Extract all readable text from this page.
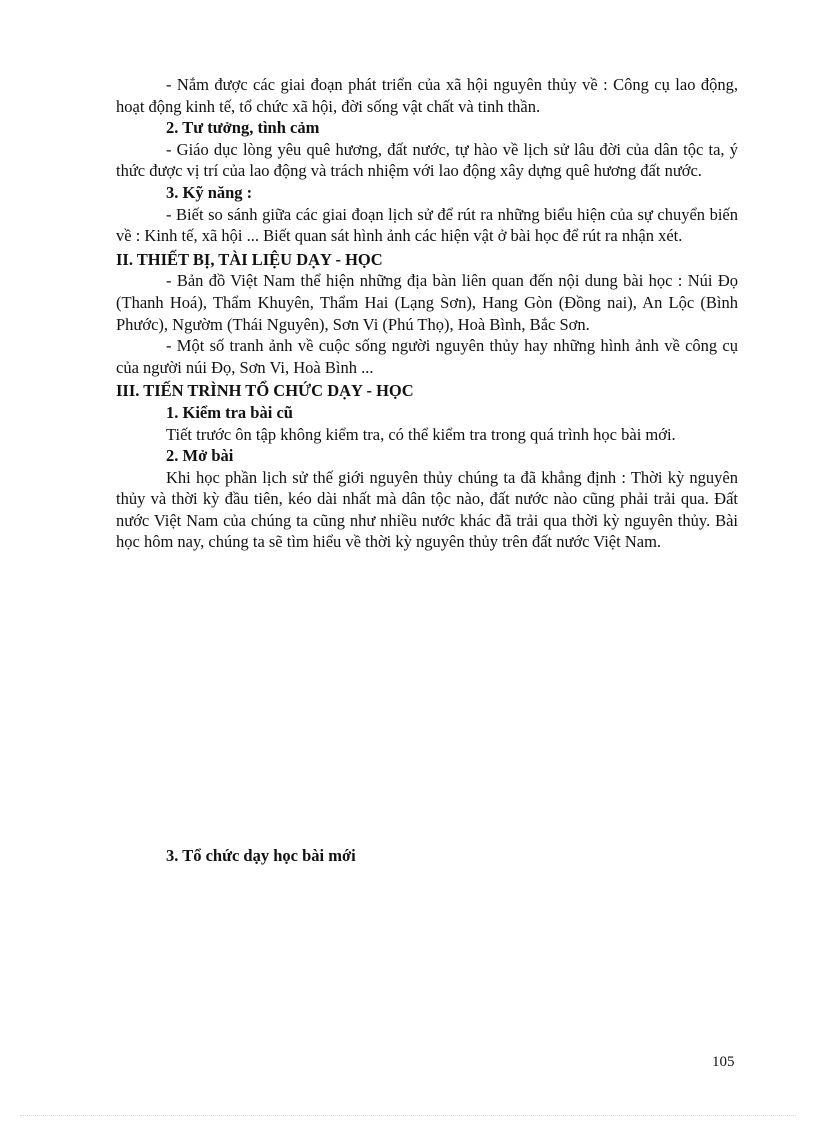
- Nắm được các giai đoạn phát triển của xã hội nguyên thủy về : Công cụ lao động, hoạt động kinh tế, tổ chức xã hội, đời sống vật chất và tinh thần.

2. Tư tưởng, tình cảm

- Giáo dục lòng yêu quê hương, đất nước, tự hào về lịch sử lâu đời của dân tộc ta, ý thức được vị trí của lao động và trách nhiệm với lao động xây dựng quê hương đất nước.

3. Kỹ năng :

- Biết so sánh giữa các giai đoạn lịch sử để rút ra những biểu hiện của sự chuyển biến về : Kinh tế, xã hội ... Biết quan sát hình ảnh các hiện vật ở bài học để rút ra nhận xét.

II. THIẾT BỊ, TÀI LIỆU DẠY - HỌC

- Bản đồ Việt Nam thể hiện những địa bàn liên quan đến nội dung bài học : Núi Đọ (Thanh Hoá), Thẩm Khuyên, Thẩm Hai (Lạng Sơn), Hang Gòn (Đồng nai), An Lộc (Bình Phước), Ngườm (Thái Nguyên), Sơn Vi (Phú Thọ), Hoà Bình, Bắc Sơn.

- Một số tranh ảnh về cuộc sống người nguyên thủy hay những hình ảnh về công cụ của người núi Đọ, Sơn Vi, Hoà Bình ...

III. TIẾN TRÌNH TỔ CHỨC DẠY - HỌC

1. Kiểm tra bài cũ

Tiết trước ôn tập không kiểm tra, có thể kiểm tra trong quá trình học bài mới.

2. Mở bài

Khi học phần lịch sử thế giới nguyên thủy chúng ta đã khẳng định : Thời kỳ nguyên thủy và thời kỳ đầu tiên, kéo dài nhất mà dân tộc nào, đất nước nào cũng phải trải qua. Đất nước Việt Nam của chúng ta cũng như nhiều nước khác đã trải qua thời kỳ nguyên thủy. Bài học hôm nay, chúng ta sẽ tìm hiểu về thời kỳ nguyên thủy trên đất nước Việt Nam.

3. Tổ chức dạy học bài mới

105
